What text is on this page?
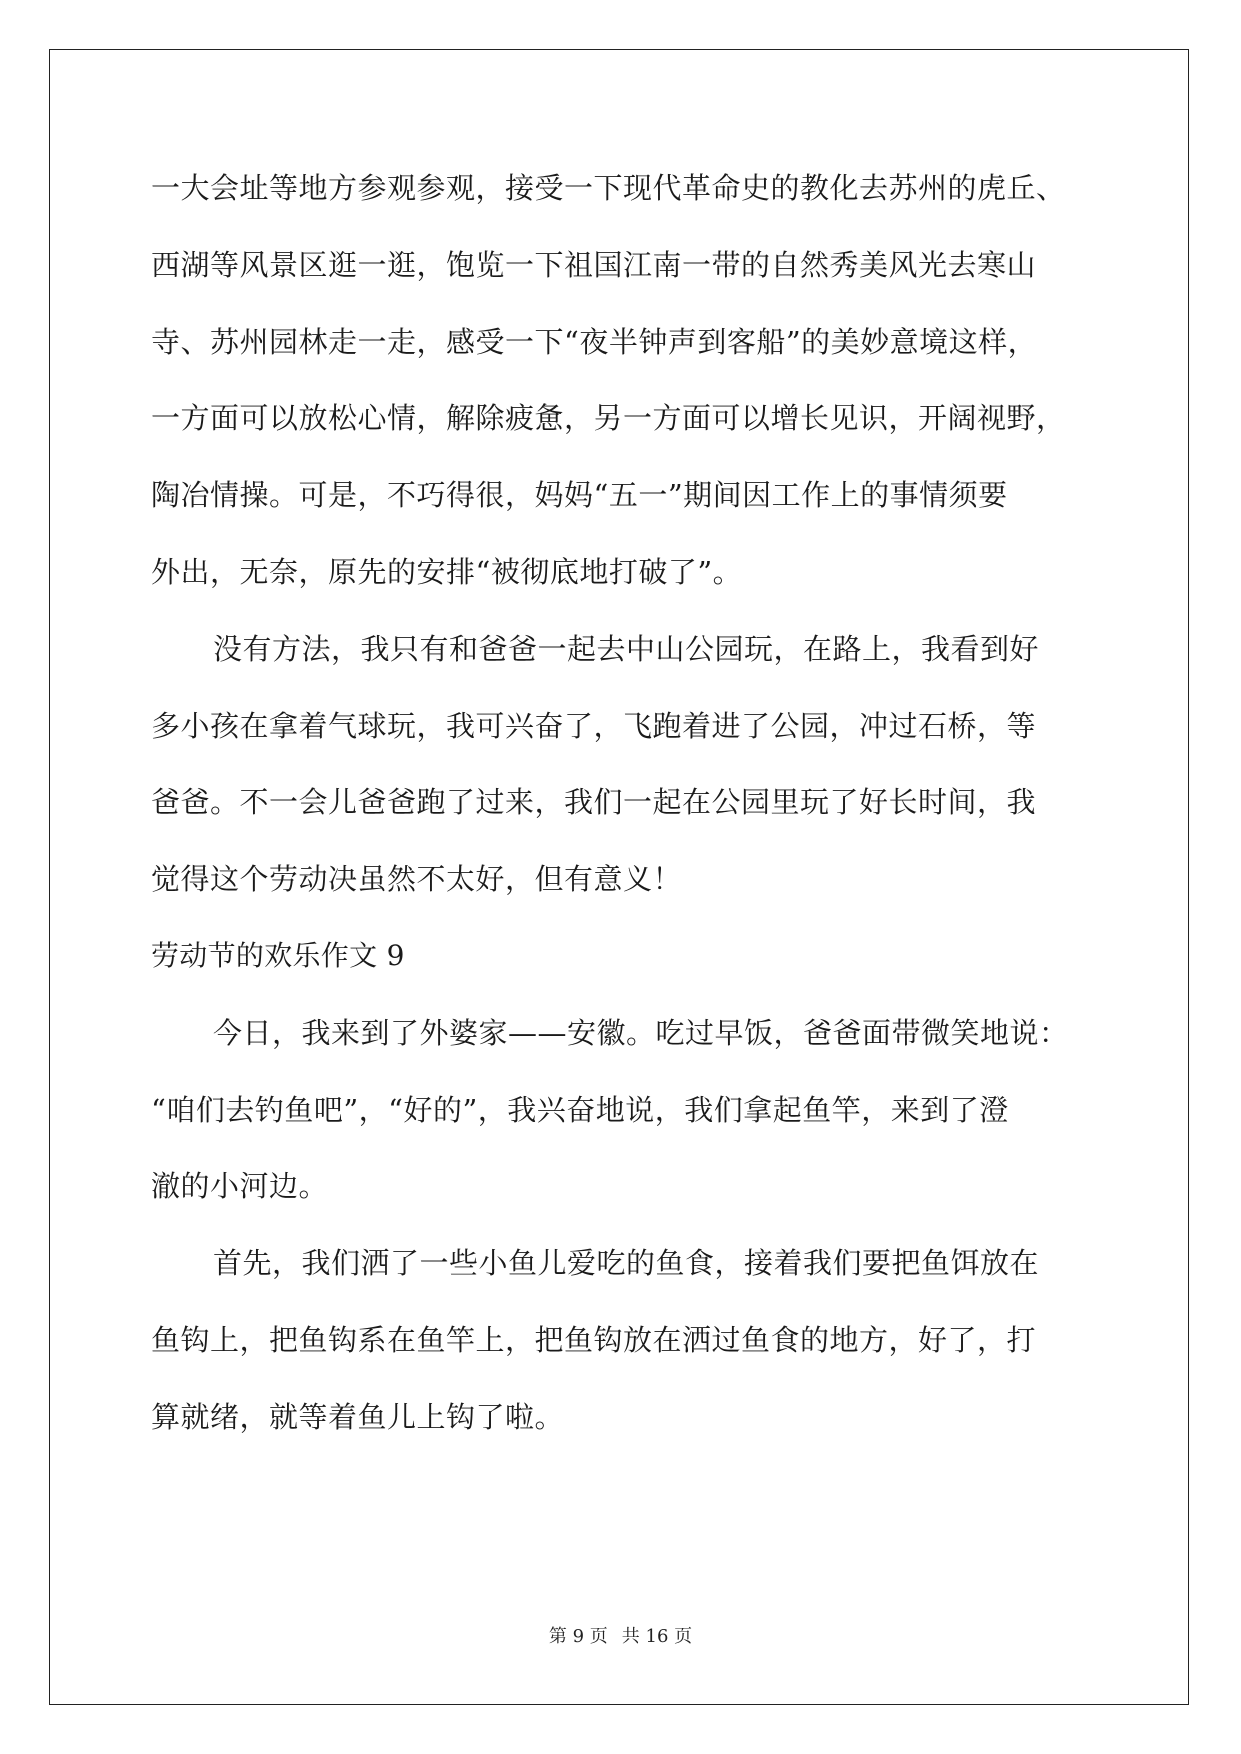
一大会址等地方参观参观，接受一下现代革命史的教化去苏州的虎丘、
西湖等风景区逛一逛，饱览一下祖国江南一带的自然秀美风光去寒山
寺、苏州园林走一走，感受一下“夜半钟声到客船”的美妙意境这样，
一方面可以放松心情，解除疲惫，另一方面可以增长见识，开阔视野，
陶冶情操。可是，不巧得很，妈妈“五一”期间因工作上的事情须要
外出，无奈，原先的安排“被彻底地打破了”。
没有方法，我只有和爸爸一起去中山公园玩，在路上，我看到好
多小孩在拿着气球玩，我可兴奋了，飞跑着进了公园，冲过石桥，等
爸爸。不一会儿爸爸跑了过来，我们一起在公园里玩了好长时间，我
觉得这个劳动决虽然不太好，但有意义！
劳动节的欢乐作文 9
今日，我来到了外婆家——安徽。吃过早饭，爸爸面带微笑地说：
“咱们去钓鱼吧”，“好的”，我兴奋地说，我们拿起鱼竿，来到了澄
澈的小河边。
首先，我们洒了一些小鱼儿爱吃的鱼食，接着我们要把鱼饵放在
鱼钩上，把鱼钩系在鱼竿上，把鱼钩放在洒过鱼食的地方，好了，打
算就绪，就等着鱼儿上钩了啦。
第 9 页 共 16 页
